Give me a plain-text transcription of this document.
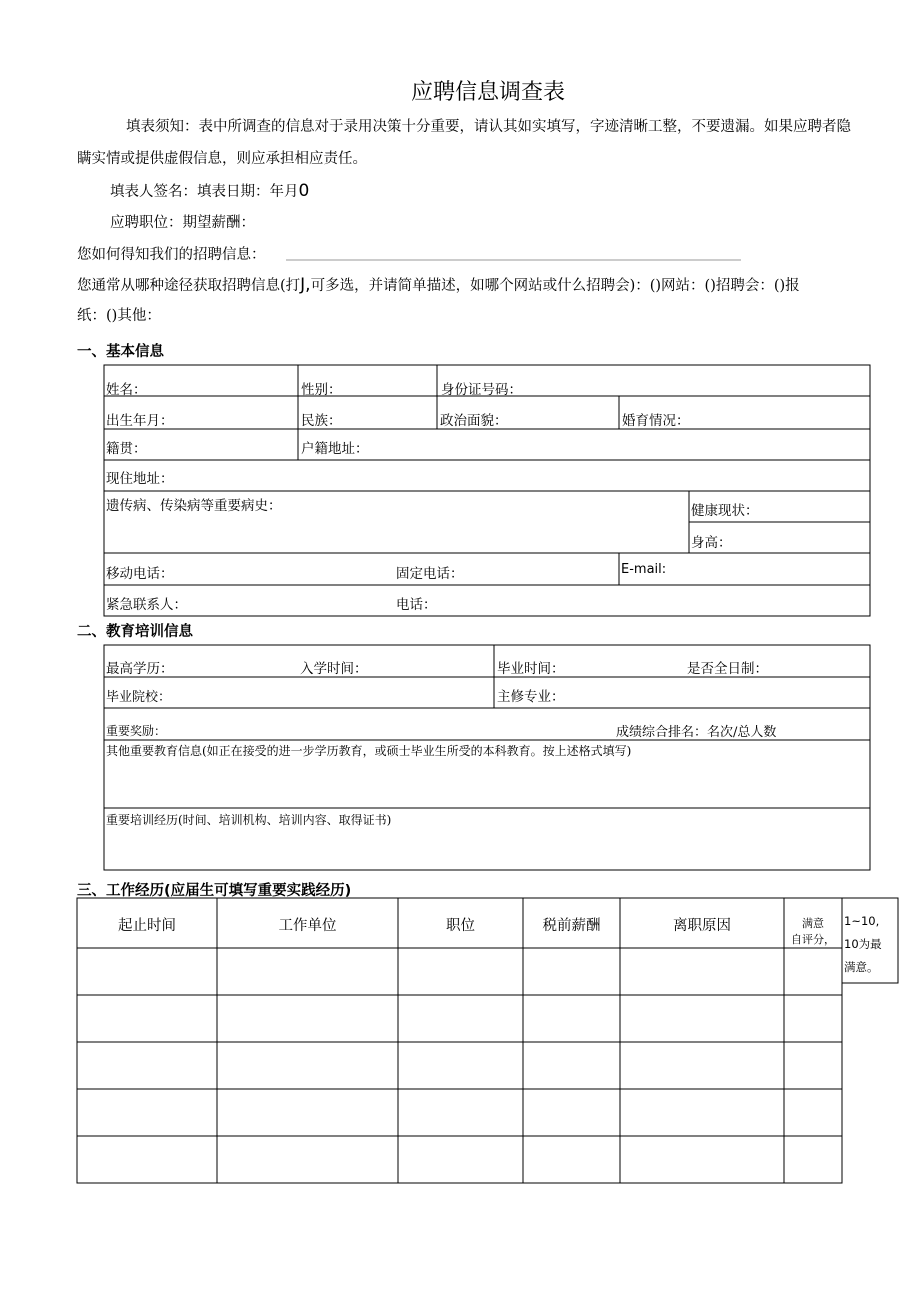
应聘信息调查表
填表须知：表中所调查的信息对于录用决策十分重要，请认其如实填写，字迹清晰工整，不要遗漏。如果应聘者隐
瞒实情或提供虚假信息，则应承担相应责任。
填表人签名：填表日期：年月0
应聘职位：期望薪酬：
您如何得知我们的招聘信息：
您通常从哪种途径获取招聘信息(打J,可多选，并请简单描述，如哪个网站或什么招聘会)：()网站：()招聘会：()报
纸：()其他：
一、基本信息
姓名：	性别：	身份证号码：
出生年月：	民族：	政治面貌：	婚育情况：
籍贯：	户籍地址：
现住地址：
遗传病、传染病等重要病史：	健康现状：
身高：
移动电话：	固定电话：	E-mail:
紧急联系人：	电话：
二、教育培训信息
最高学历：	入学时间：	毕业时间：	是否全日制：
毕业院校：	主修专业：
重要奖励：	成绩综合排名：名次/总人数
其他重要教育信息(如正在接受的进一步学历教育，或硕士毕业生所受的本科教育。按上述格式填写)
重要培训经历(时间、培训机构、培训内容、取得证书)
三、工作经历(应届生可填写重要实践经历)
起止时间	工作单位	职位	税前薪酬	离职原因	满意
自评分，
1~10,
10为最
满意。
